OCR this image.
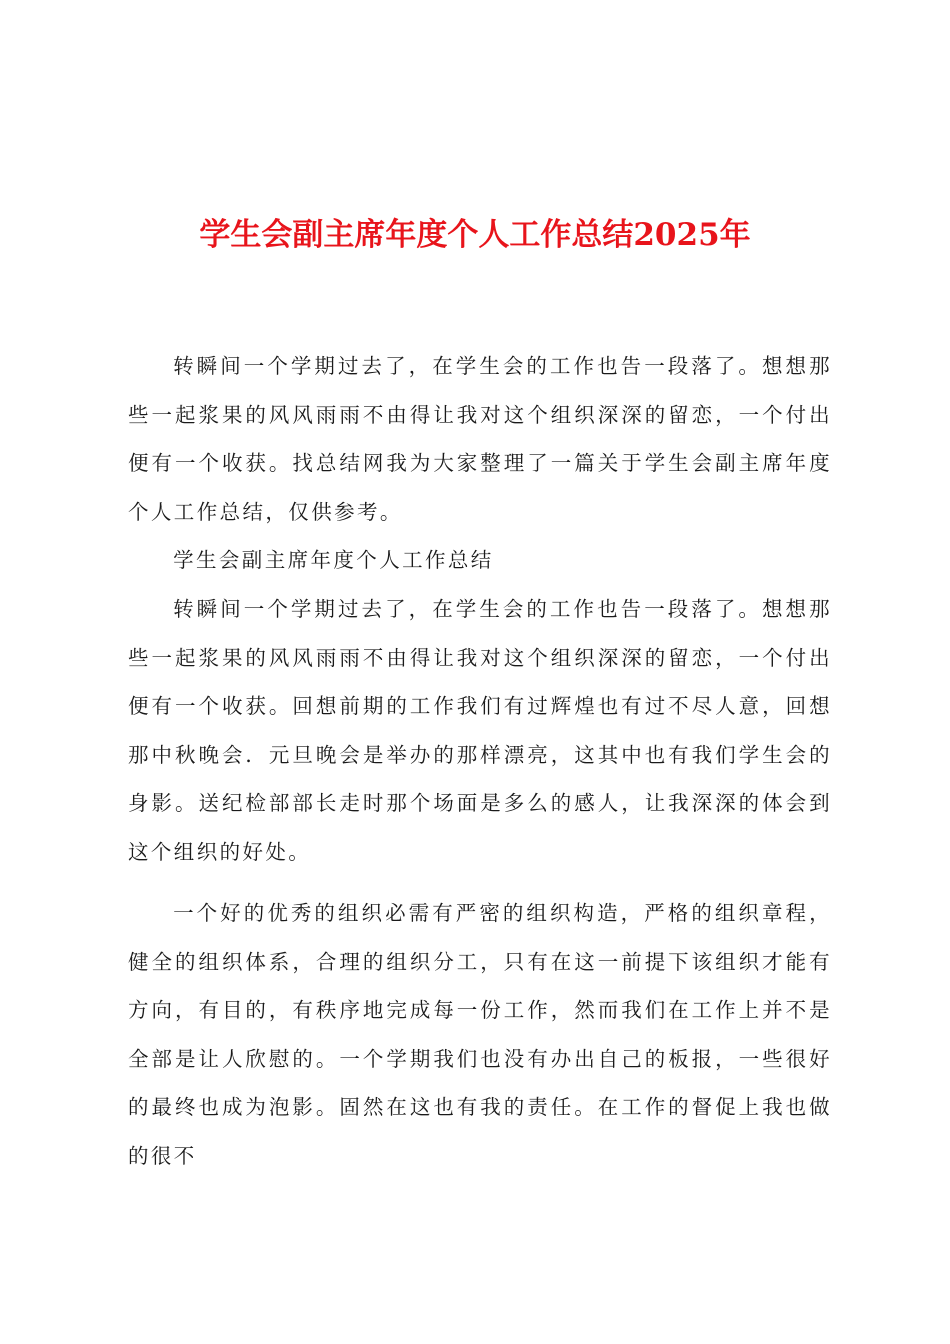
学生会副主席年度个人工作总结2025年

转瞬间一个学期过去了，在学生会的工作也告一段落了。想想那些一起浆果的风风雨雨不由得让我对这个组织深深的留恋，一个付出便有一个收获。找总结网我为大家整理了一篇关于学生会副主席年度个人工作总结，仅供参考。

学生会副主席年度个人工作总结

转瞬间一个学期过去了，在学生会的工作也告一段落了。想想那些一起浆果的风风雨雨不由得让我对这个组织深深的留恋，一个付出便有一个收获。回想前期的工作我们有过辉煌也有过不尽人意，回想那中秋晚会．元旦晚会是举办的那样漂亮，这其中也有我们学生会的身影。送纪检部部长走时那个场面是多么的感人，让我深深的体会到这个组织的好处。

一个好的优秀的组织必需有严密的组织构造，严格的组织章程，健全的组织体系，合理的组织分工，只有在这一前提下该组织才能有方向，有目的，有秩序地完成每一份工作，然而我们在工作上并不是全部是让人欣慰的。一个学期我们也没有办出自己的板报，一些很好的最终也成为泡影。固然在这也有我的责任。在工作的督促上我也做的很不
